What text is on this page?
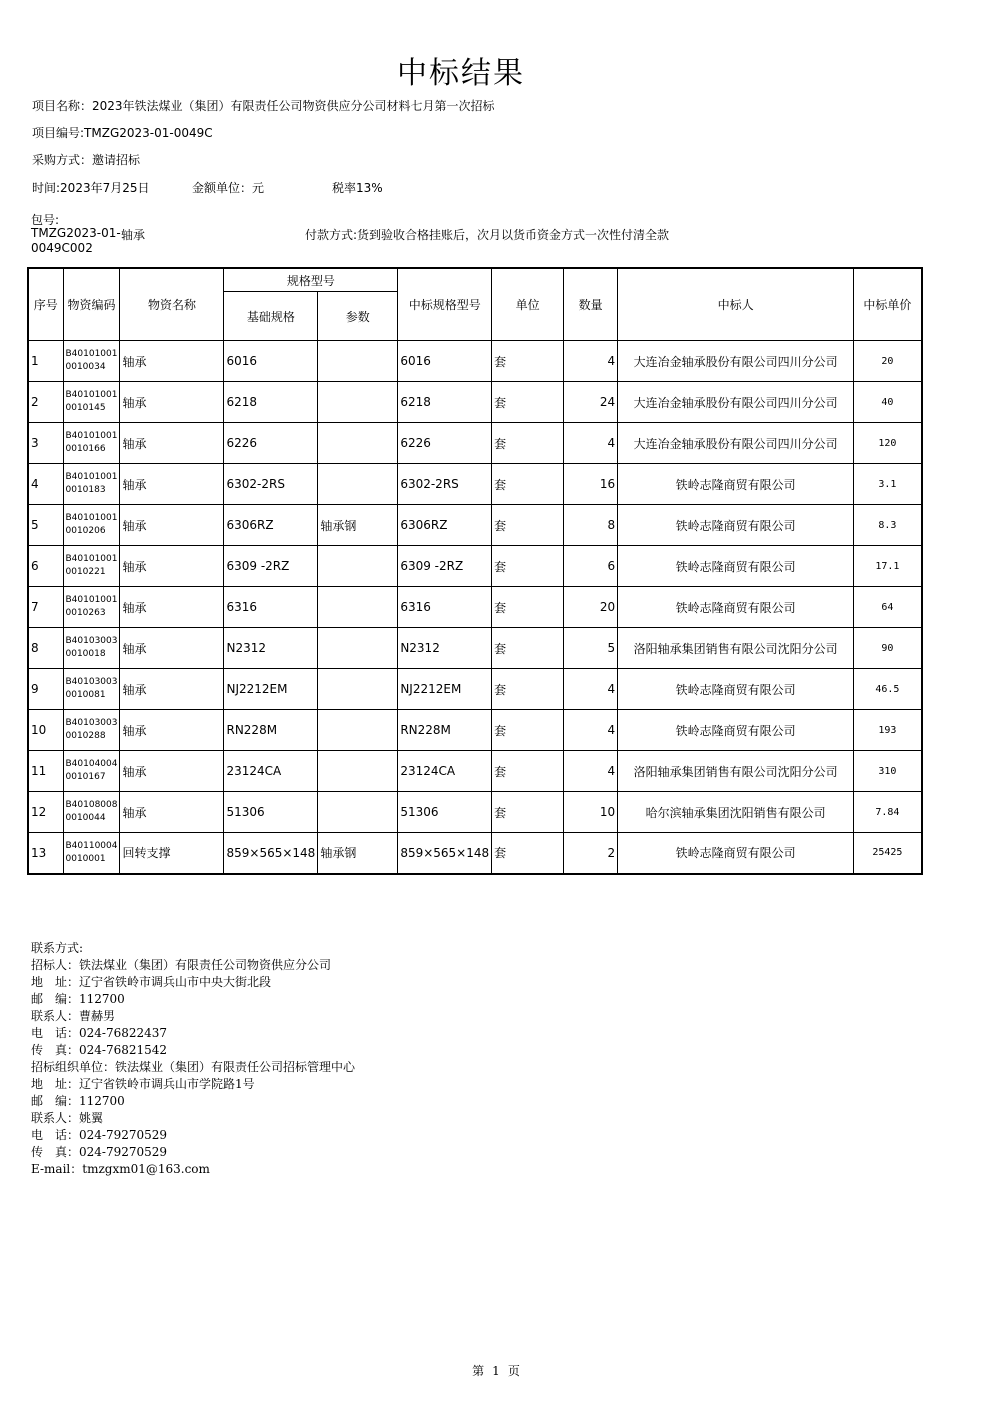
中标结果
项目名称：2023年铁法煤业（集团）有限责任公司物资供应分公司材料七月第一次招标
项目编号:TMZG2023-01-0049C
采购方式：邀请招标
时间:2023年7月25日	金额单位：元	税率13%
包号:
TMZG2023-01-0049C002
轴承	付款方式:货到验收合格挂账后，次月以货币资金方式一次性付清全款
序号	物资编码	物资名称	规格型号		中标规格型号	单位	数量	中标人	中标单价
			基础规格	参数					
1	B40101001 0010034	轴承	6016		6016	套	4	大连冶金轴承股份有限公司四川分公司	20
2	B40101001 0010145	轴承	6218		6218	套	24	大连冶金轴承股份有限公司四川分公司	40
3	B40101001 0010166	轴承	6226		6226	套	4	大连冶金轴承股份有限公司四川分公司	120
4	B40101001 0010183	轴承	6302-2RS		6302-2RS	套	16	铁岭志隆商贸有限公司	3.1
5	B40101001 0010206	轴承	6306RZ	轴承钢	6306RZ	套	8	铁岭志隆商贸有限公司	8.3
6	B40101001 0010221	轴承	6309 -2RZ		6309 -2RZ	套	6	铁岭志隆商贸有限公司	17.1
7	B40101001 0010263	轴承	6316		6316	套	20	铁岭志隆商贸有限公司	64
8	B40103003 0010018	轴承	N2312		N2312	套	5	洛阳轴承集团销售有限公司沈阳分公司	90
9	B40103003 0010081	轴承	NJ2212EM		NJ2212EM	套	4	铁岭志隆商贸有限公司	46.5
10	B40103003 0010288	轴承	RN228M		RN228M	套	4	铁岭志隆商贸有限公司	193
11	B40104004 0010167	轴承	23124CA		23124CA	套	4	洛阳轴承集团销售有限公司沈阳分公司	310
12	B40108008 0010044	轴承	51306		51306	套	10	哈尔滨轴承集团沈阳销售有限公司	7.84
13	B40110004 0010001	回转支撑	859×565×148	轴承钢	859×565×148	套	2	铁岭志隆商贸有限公司	25425
联系方式:
招标人：铁法煤业（集团）有限责任公司物资供应分公司
地　址：辽宁省铁岭市调兵山市中央大街北段
邮　编：112700
联系人：曹赫男
电　话：024-76822437
传　真：024-76821542
招标组织单位：铁法煤业（集团）有限责任公司招标管理中心
地　址：辽宁省铁岭市调兵山市学院路1号
邮　编：112700
联系人：姚翼
电　话：024-79270529
传　真：024-79270529
E-mail：tmzgxm01@163.com
第 1 页
